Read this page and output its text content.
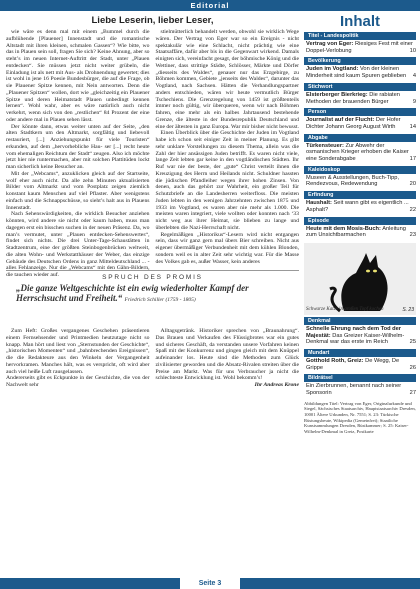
Editorial
Liebe Leserin, lieber Leser,

wie wäre es denn mal mit einem „Bummel durch die aufblühende [Plauener] Innenstadt und die romantische Altstadt mit ihren kleinen, schmalen Gassen“? Wie bitte, wo das in Plauen sein soll, fragen Sie sich? Keine Ahnung, aber so steht’s im neuen Internet-Auftritt der Stadt, unter „Plauen entdecken“. Sie müssen jetzt nicht weiter grübeln, die Einladung ist als nett mit Aus- als Drohnendung gewertet; dies ist wohl in jene 16 Poesie Bundesbürger, die auf die Frage, ob sie Plauener Spitze kennen, mit Nein antworten. Denn die „Plauener Spitzen“ wollen, dort wie „gleichzeitig ein Plauener Spitze und deren Heimatstadt Plauen unbedingt kennen lernen“. Wohl wahr, aber es wäre natürlich auch nicht verkehrt, wenn sich von den „restlichen“ 84 Prozent der eine oder andere mal in Plauen sehen lässt.

Der könnte dann, etwas weiter unten auf der Seite, „den alten Stadtkern um den Altmarkt, sorgfältig und liebevoll restauriert, [...] Anziehungspunkt für viele Touristen“ erkunden, auf dem „hervorhebliche Hau- ser [...] recht heute vom ehemaligen Reichtum der Stadt“ zeugen. Also ich möchte jetzt hier nie runtermachen, aber mit solchen Plattitüden lockt man sicherlich keine Besucher an.

Mit der „Webcams“, anzuklicken gleich auf der Startseite, wolf eher auch nicht. Da alle zehn Minuten aktualisierten Bilder vom Altmarkt und vom Postplatz zeigen ziemlich konstant kaum Menschen auf viel Pflaster. Aber wenigstens einfach und die Schnappschüsse, so sieht’s halt aus in Plauens Innenstadt.

Nach Sehenswürdigkeiten, die wirklich Besucher anziehen könnten, wird andere sie nicht oder kaum haben, muss man dagegen erst ein bisschen suchen in der neuen Präsenz. Da, wo man’s vermutet, unter „Plauen entdecken-Sehenswertes“, findet sich nichts. Die drei Unter-Tage-Schaustätten in Stadtzentrum, eine der größten Steinbogenbrücken weltweit, die alten Wohn- und Werkstatthäuser der Weber, das einzige Gebäude des Deutschen Ordens in ganz Mitteldeutschland ... - alles Fehlanzeige. Nur die „Webcams“ mit den Gähn-Bildern, die tauchen wieder auf.

stielmütterlich behandelt werden, obwohl sie wirklich Wege wären. Der Vertrag von Eger war so ein Ereignis - nicht spektakulär wie eine Schlacht, nicht prächtig wie eine Staatsaffäre, dafür aber bis in die Gegenwart wirkend. Damals einigten sich, vereinfacht gesagt, der böhmische König und die Wettiner, dass strittige Städte, Schlösser, Märkte und Dörfer „diesseits des Waldes“, genauer nur das Erzgebirge, zu Böhmen kommen, Gebiete „jenseits des Waldes“, darunter das Vogtland, nach Sachsen. Hätten die Verhandlungspartner anders entschieden, wären wir heute vermutlich Bürger Tschechiens. Die Grenzregelung von 1459 ist größtenteils immer noch gültig, wir überqueren, wenn wir nach Böhmen fahren, eine mehr als ein halbes Jahrtausend bestehende Grenze, die älteste in der Bundesrepublik Deutschland und eine der ältesten in ganz Europa. War mir bisher nicht bewusst.

Einen Überblick über die Geschichte der Juden im Vogtland habe ich schon seit einiger Zeit in meiner Planung. Es gibt sehr unklare Vorstellungen zu diesem Thema, allein was die Zahl der hier ansässigen Juden betrifft. Es waren nicht viele, lange Zeit lebten gar keine in den vogtländischen Städten. Ihr Ruf war nie der beste, der „gute“ Christ verteilt ihnen die Kreuzigung des Herrn und Heilands nicht. Schuldner hassten die jüdischen Pfandleiher wegen ihrer hohen Zinsen. Von denen, auch das gehört zur Wahrheit, ein großer Teil für Schutzbriefe an die Landesherren weiterfloss. Die meisten Juden lebten in den wenigen Jahrzehnten zwischen 1875 und 1933 im Vogtland, es waren aber nie mehr als 1.000. Die meisten waren integriert, viele wollten oder konnten nach ‘33 nicht weg aus ihrer Heimat, sie blieben zu lange und überlebten die Nazi-Herrschaft nicht.

Regelmäßigen „Historikus“-Lesern wird nicht entgangen sein, dass wir ganz gern mal übers Bier schreiben. Nicht aus eigener übermäßiger Verbundenheit mit dem kühlen Blonden, sondern weil es in alter Zeit sehr wichtig war. Für die Masse des Volkes gab es, außer Wasser, kein anderes

SPRUCH DES PROMIS
„Die ganze Weltgeschichte ist ein ewig wiederholter Kampf der Herrschsucht und Freiheit.“ Friedrich Schiller (1759 - 1805)

Zum Heft: Großes vergangenes Geschehen präsentieren einem Fernsehsender und Printmedien heutzutage nicht so knapp. Man hört und liest von „Sternstunden der Geschichte“, „historischen Momenten“ und „bahnbrechenden Ereignissen“, die die Redakteure aus den Winkeln der Vergangenheit hervorkramen. Manches hält, was es verspricht, oft wird aber auch viel heiße Luft rausgelassen.
Andererseits gibt es Eckpunkte in der Geschichte, die von der Nachwelt sehr

Alltagsgetränk. Historiker sprechen von „Braunahrung“. Das Brauen und Verkaufen des Flüssigbrotes war ein gutes und sicheres Geschäft, da verstanden unsere Vorfahren keinen Spaß mit der Konkurrenz und gingen gleich mit dem Knüppel aufeinander los. Heute sind die Methoden zum Glück zivilisierter geworden und die Absatz-Rivalen streiten über die Preise am Markt. Was für uns Verbraucher ja nicht die schlechteste Entwicklung ist. Wohl bekomm’s!

Ihr Andreas Krone
Inhalt
Titel - Landespolitik
Vertrag von Eger: Riesiges Fest mit einer Doppel-Verlobung	10
Bevölkerung
Juden im Vogtland: Von der kleinen Minderheit sind kaum Spuren geblieben 4
Stichwort
Elsterberger Bierkrieg: Die rabiaten Methoden der brauenden Bürger	9
Person
Journalist auf der Flucht: Der Hofer Dichter Johann Georg August Wirth 14
Abgabe
Türkensteuer: Zur Abwehr der osmanischen Krieger erhoben die Kaiser eine Sonderabgabe	17
Kaleidoskop
Museen & Ausstellungen, Buch-Tipp, Rendezvous, Redewendung	20
Erfindung
Haushalt: Seit wann gibt es eigentlich ... Asphalt?	22
Episode
Heute mit dem Mosis-Buch: Anleitung zum Unsichtbarmachen	23
Schwarze Katze in großen Topf kochen	S. 23
Denkmal
Schnelle Ehrung nach dem Tod der Majestät: Das Greizer Kaiser-Wilhelm-Denkmal war das erste im Reich	25
Mundart
Gotthold Roth, Greiz: De Wegg, De Grippe	26
Bildrätsel
Ein Zierbrunnen, benannt nach seiner Sponsorin	27
Abbildungen Titel: Vertrag von Eger, Originalurkunde und Siegel, Sächsisches Staatsarchiv, Hauptstaatsarchiv Dresden, 10001 Ältere Urkunden, Nr. 7551; S. 23: Türkische Rüstungsbeute, Wikipedia (Gemeinfrei); Staatliche Kunstsammlungen Dresden, Rüstkammer; S. 25: Kaiser-Wilhelm-Denkmal in Greiz, Postkarte
Seite 3
